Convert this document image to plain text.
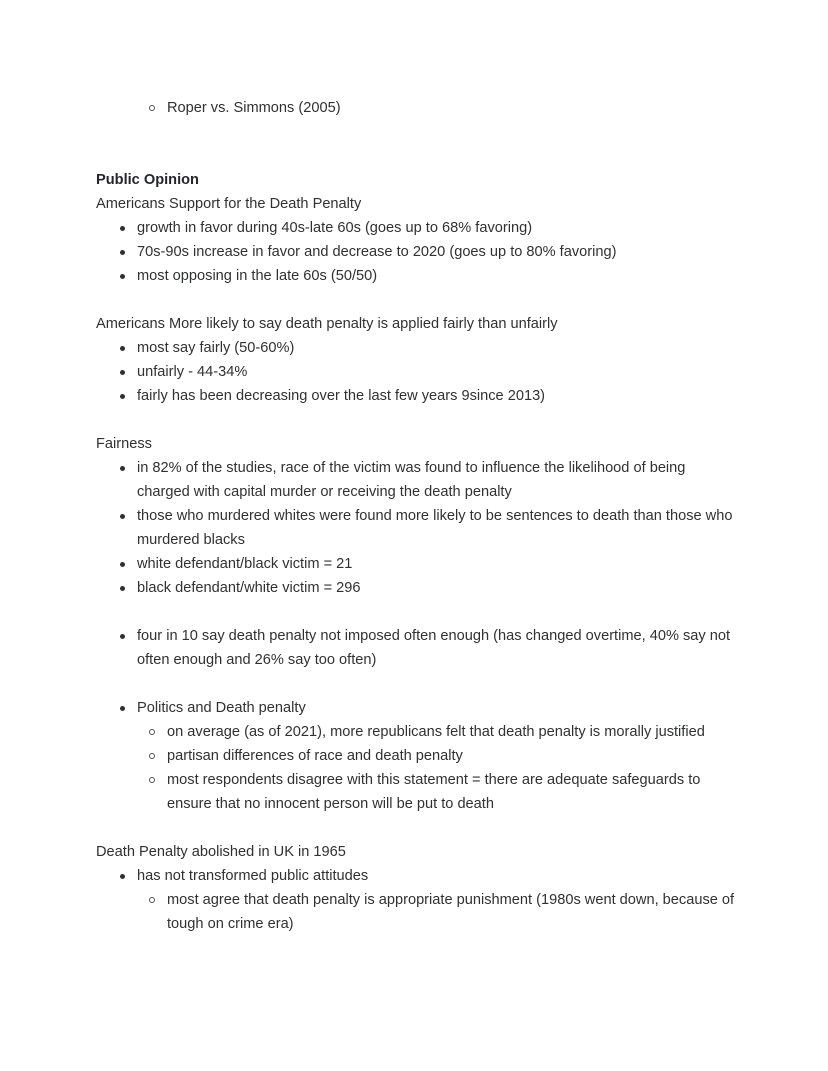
Roper vs. Simmons (2005)
Public Opinion
Americans Support for the Death Penalty
growth in favor during 40s-late 60s (goes up to 68% favoring)
70s-90s increase in favor and decrease to 2020 (goes up to 80% favoring)
most opposing in the late 60s (50/50)
Americans More likely to say death penalty is applied fairly than unfairly
most say fairly (50-60%)
unfairly - 44-34%
fairly has been decreasing over the last few years 9since 2013)
Fairness
in 82% of the studies, race of the victim was found to influence the likelihood of being charged with capital murder or receiving the death penalty
those who murdered whites were found more likely to be sentences to death than those who murdered blacks
white defendant/black victim = 21
black defendant/white victim = 296
four in 10 say death penalty not imposed often enough (has changed overtime, 40% say not often enough and 26% say too often)
Politics and Death penalty
on average (as of 2021), more republicans felt that death penalty is morally justified
partisan differences of race and death penalty
most respondents disagree with this statement = there are adequate safeguards to ensure that no innocent person will be put to death
Death Penalty abolished in UK in 1965
has not transformed public attitudes
most agree that death penalty is appropriate punishment (1980s went down, because of tough on crime era)
